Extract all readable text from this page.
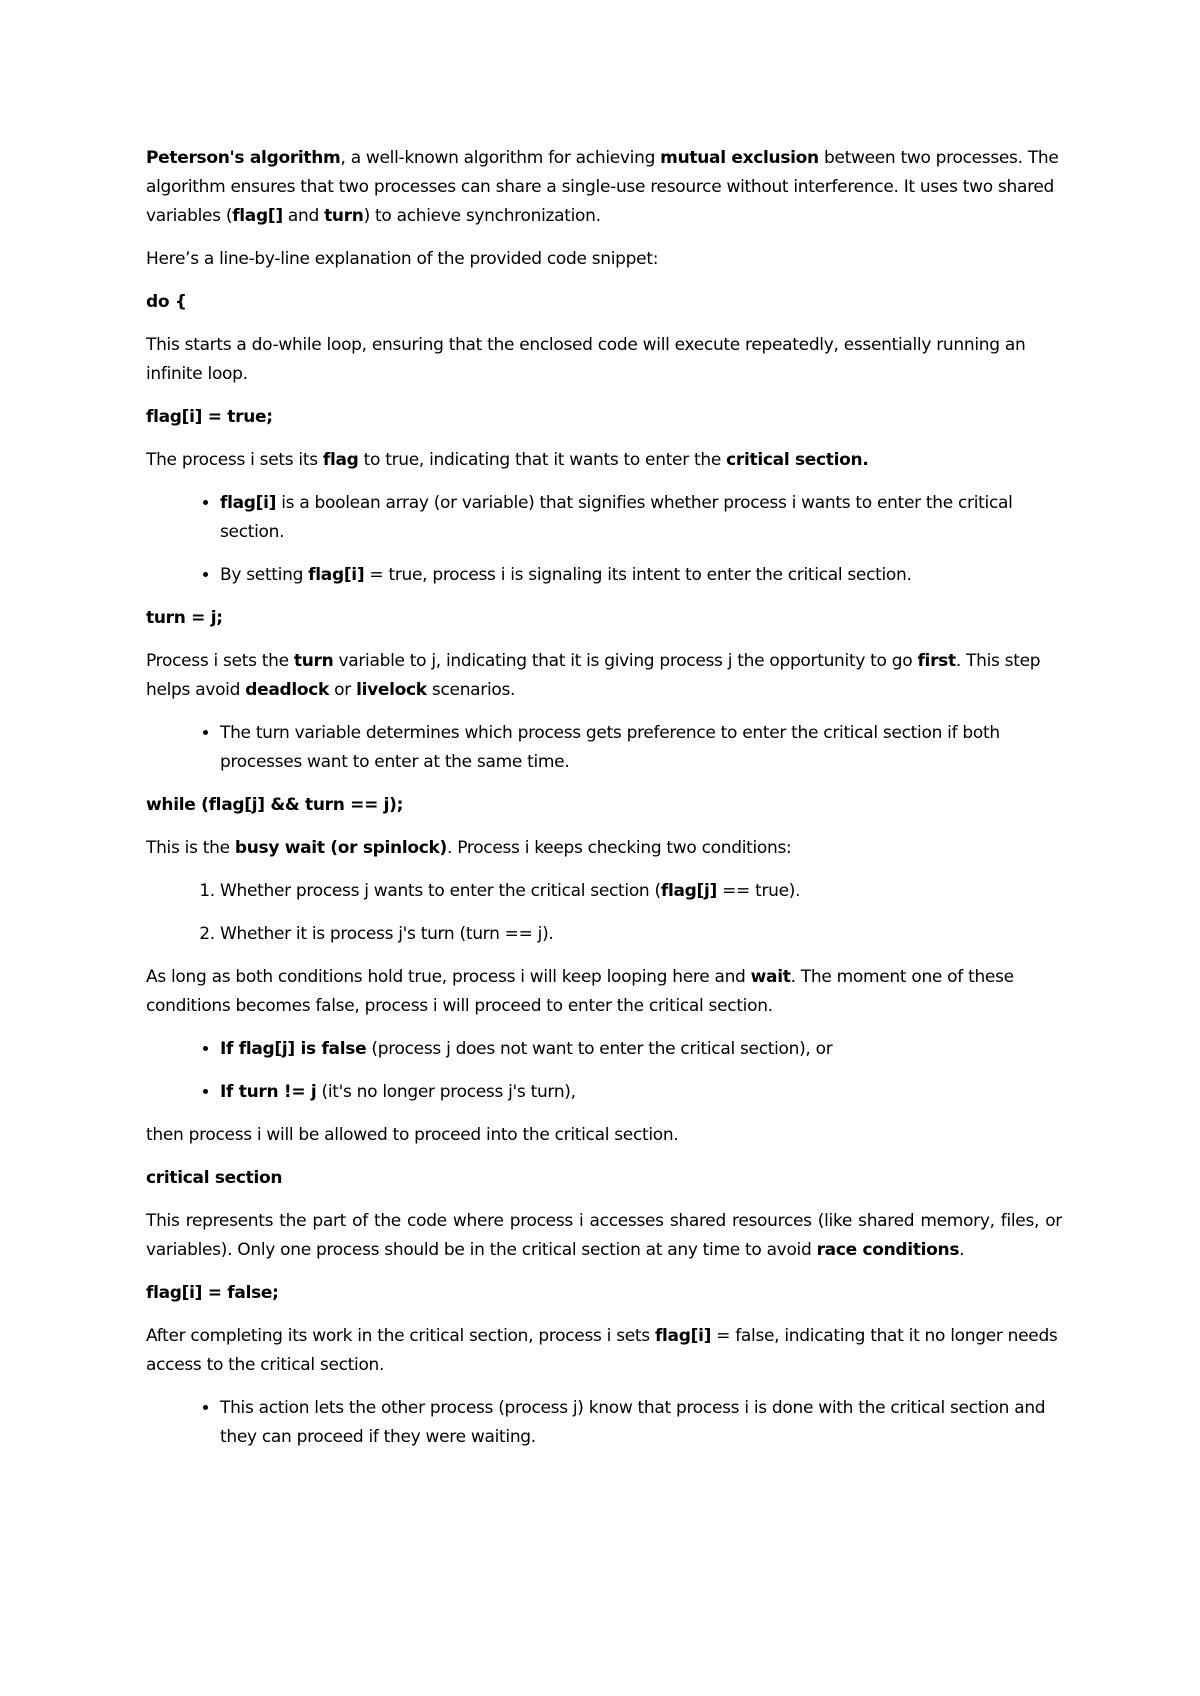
Peterson's algorithm, a well-known algorithm for achieving mutual exclusion between two processes. The algorithm ensures that two processes can share a single-use resource without interference. It uses two shared variables (flag[] and turn) to achieve synchronization.

Here’s a line-by-line explanation of the provided code snippet:

do {

This starts a do-while loop, ensuring that the enclosed code will execute repeatedly, essentially running an infinite loop.

flag[i] = true;

The process i sets its flag to true, indicating that it wants to enter the critical section.

• flag[i] is a boolean array (or variable) that signifies whether process i wants to enter the critical section.
• By setting flag[i] = true, process i is signaling its intent to enter the critical section.

turn = j;

Process i sets the turn variable to j, indicating that it is giving process j the opportunity to go first. This step helps avoid deadlock or livelock scenarios.

• The turn variable determines which process gets preference to enter the critical section if both processes want to enter at the same time.

while (flag[j] && turn == j);

This is the busy wait (or spinlock). Process i keeps checking two conditions:

1. Whether process j wants to enter the critical section (flag[j] == true).
2. Whether it is process j's turn (turn == j).

As long as both conditions hold true, process i will keep looping here and wait. The moment one of these conditions becomes false, process i will proceed to enter the critical section.

• If flag[j] is false (process j does not want to enter the critical section), or
• If turn != j (it's no longer process j's turn),

then process i will be allowed to proceed into the critical section.

critical section

This represents the part of the code where process i accesses shared resources (like shared memory, files, or variables). Only one process should be in the critical section at any time to avoid race conditions.

flag[i] = false;

After completing its work in the critical section, process i sets flag[i] = false, indicating that it no longer needs access to the critical section.

• This action lets the other process (process j) know that process i is done with the critical section and they can proceed if they were waiting.
